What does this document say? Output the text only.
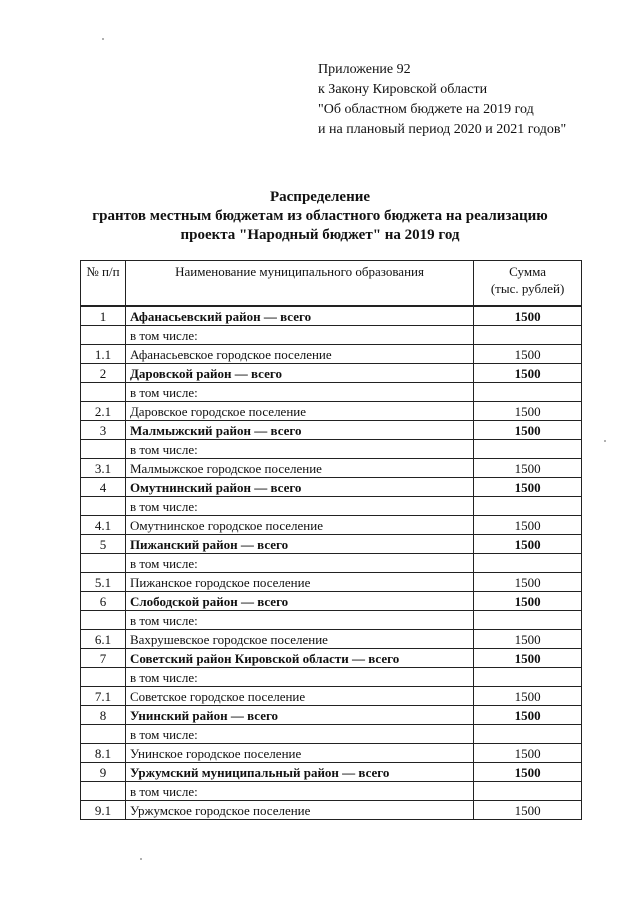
Приложение 92
к Закону Кировской области
"Об областном бюджете на 2019 год
и на плановый период 2020 и 2021 годов"
Распределение
грантов местным бюджетам из областного бюджета на реализацию
проекта "Народный бюджет" на 2019 год
№ п/п	Наименование муниципального образования	Сумма
(тыс. рублей)

1	Афанасьевский район — всего	1500
	в том числе:	
1.1	Афанасьевское городское поселение	1500
2	Даровской район — всего	1500
	в том числе:	
2.1	Даровское городское поселение	1500
3	Малмыжский район — всего	1500
	в том числе:	
3.1	Малмыжское городское поселение	1500
4	Омутнинский район — всего	1500
	в том числе:	
4.1	Омутнинское городское поселение	1500
5	Пижанский район — всего	1500
	в том числе:	
5.1	Пижанское городское поселение	1500
6	Слободской район — всего	1500
	в том числе:	
6.1	Вахрушевское городское поселение	1500
7	Советский район Кировской области — всего	1500
	в том числе:	
7.1	Советское городское поселение	1500
8	Унинский район — всего	1500
	в том числе:	
8.1	Унинское городское поселение	1500
9	Уржумский муниципальный район — всего	1500
	в том числе:	
9.1	Уржумское городское поселение	1500
